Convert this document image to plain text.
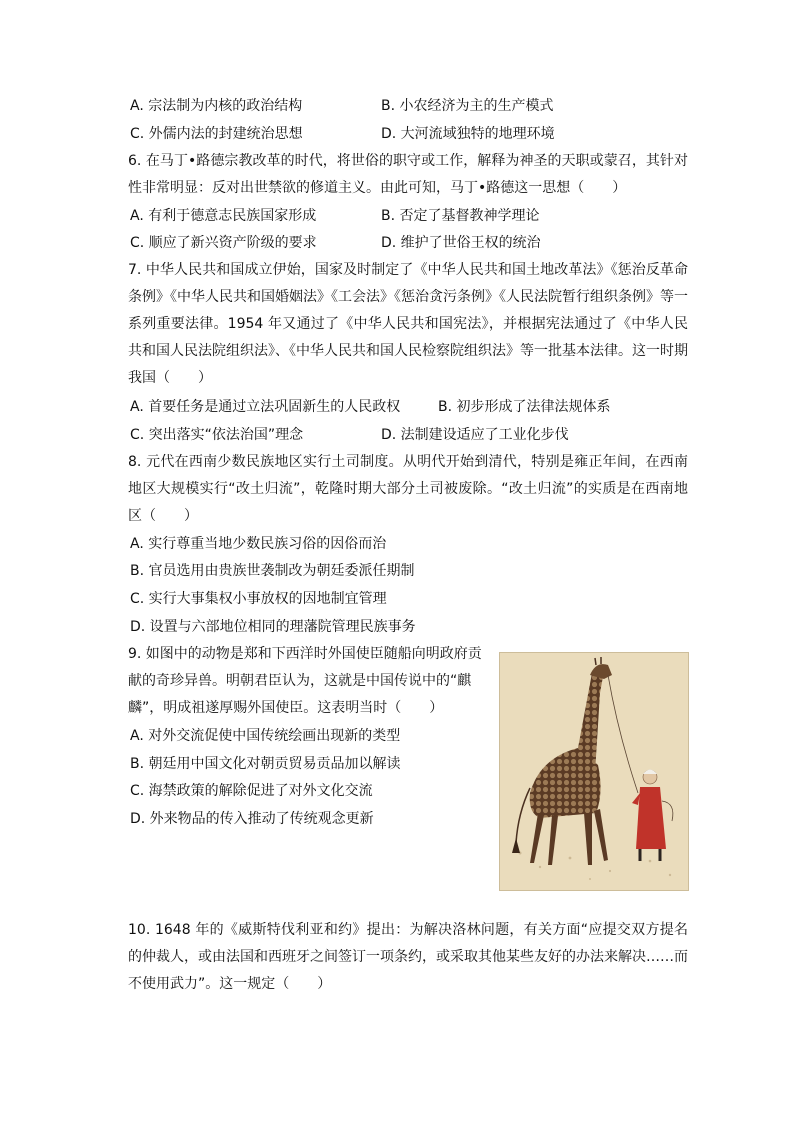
A. 宗法制为内核的政治结构	B. 小农经济为主的生产模式
C. 外儒内法的封建统治思想	D. 大河流域独特的地理环境
6. 在马丁•路德宗教改革的时代，将世俗的职守或工作，解释为神圣的天职或蒙召，其针对性非常明显：反对出世禁欲的修道主义。由此可知，马丁•路德这一思想（　　）
A. 有利于德意志民族国家形成	B. 否定了基督教神学理论
C. 顺应了新兴资产阶级的要求	D. 维护了世俗王权的统治
7. 中华人民共和国成立伊始，国家及时制定了《中华人民共和国土地改革法》《惩治反革命条例》《中华人民共和国婚姻法》《工会法》《惩治贪污条例》《人民法院暂行组织条例》等一系列重要法律。1954 年又通过了《中华人民共和国宪法》，并根据宪法通过了《中华人民共和国人民法院组织法》、《中华人民共和国人民检察院组织法》等一批基本法律。这一时期我国（　　）
A. 首要任务是通过立法巩固新生的人民政权	B. 初步形成了法律法规体系
C. 突出落实“依法治国”理念	D. 法制建设适应了工业化步伐
8. 元代在西南少数民族地区实行土司制度。从明代开始到清代，特别是雍正年间，在西南地区大规模实行“改土归流”，乾隆时期大部分土司被废除。“改土归流”的实质是在西南地区（　　）
A. 实行尊重当地少数民族习俗的因俗而治
B. 官员选用由贵族世袭制改为朝廷委派任期制
C. 实行大事集权小事放权的因地制宜管理
D. 设置与六部地位相同的理藩院管理民族事务
9. 如图中的动物是郑和下西洋时外国使臣随船向明政府贡献的奇珍异兽。明朝君臣认为，这就是中国传说中的“麒麟”，明成祖遂厚赐外国使臣。这表明当时（　　）
A. 对外交流促使中国传统绘画出现新的类型
B. 朝廷用中国文化对朝贡贸易贡品加以解读
C. 海禁政策的解除促进了对外文化交流
D. 外来物品的传入推动了传统观念更新
10. 1648 年的《威斯特伐利亚和约》提出：为解决洛林问题，有关方面“应提交双方提名的仲裁人，或由法国和西班牙之间签订一项条约，或采取其他某些友好的办法来解决……而不使用武力”。这一规定（　　）
